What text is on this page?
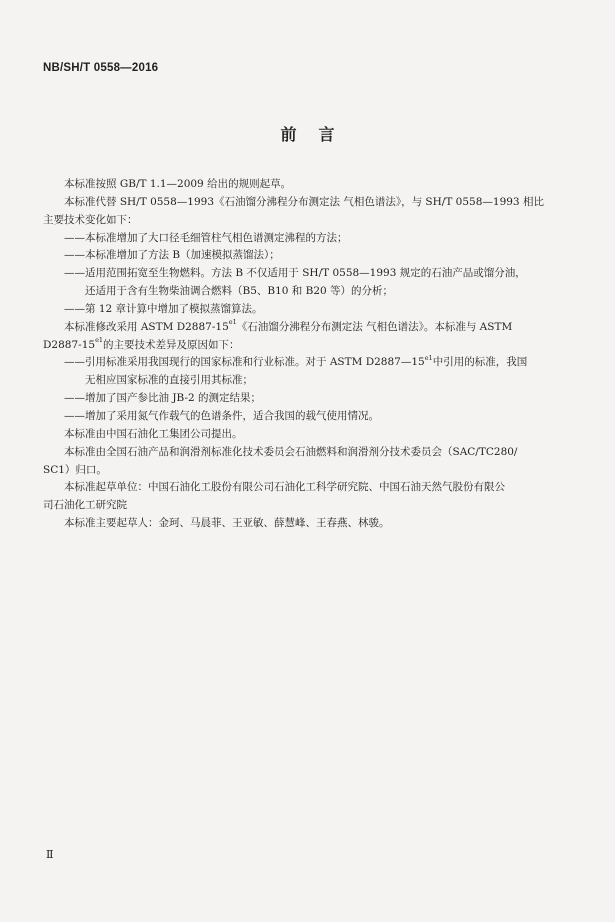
NB/SH/T 0558—2016
前言
本标准按照 GB/T 1.1—2009 给出的规则起草。
本标准代替 SH/T 0558—1993《石油馏分沸程分布测定法 气相色谱法》，与 SH/T 0558—1993 相比
主要技术变化如下：
——本标准增加了大口径毛细管柱气相色谱测定沸程的方法；
——本标准增加了方法 B（加速模拟蒸馏法）；
——适用范围拓宽至生物燃料。方法 B 不仅适用于 SH/T 0558—1993 规定的石油产品或馏分油，
还适用于含有生物柴油调合燃料（B5、B10 和 B20 等）的分析；
——第 12 章计算中增加了模拟蒸馏算法。
本标准修改采用 ASTM $D2887-15^{e1}$《石油馏分沸程分布测定法 气相色谱法》。本标准与 ASTM
$D2887-15^{e1}$的主要技术差异及原因如下：
——引用标准采用我国现行的国家标准和行业标准。对于 ASTM $D2887—15^{e1}$中引用的标准，我国
无相应国家标准的直接引用其标准；
——增加了国产参比油 JB-2 的测定结果；
——增加了采用氮气作载气的色谱条件，适合我国的载气使用情况。
本标准由中国石油化工集团公司提出。
本标准由全国石油产品和润滑剂标准化技术委员会石油燃料和润滑剂分技术委员会（SAC/TC280/
SC1）归口。
本标准起草单位：中国石油化工股份有限公司石油化工科学研究院、中国石油天然气股份有限公
司石油化工研究院
本标准主要起草人：金珂、马晨菲、王亚敏、薛慧峰、王春燕、林骏。
Ⅱ
